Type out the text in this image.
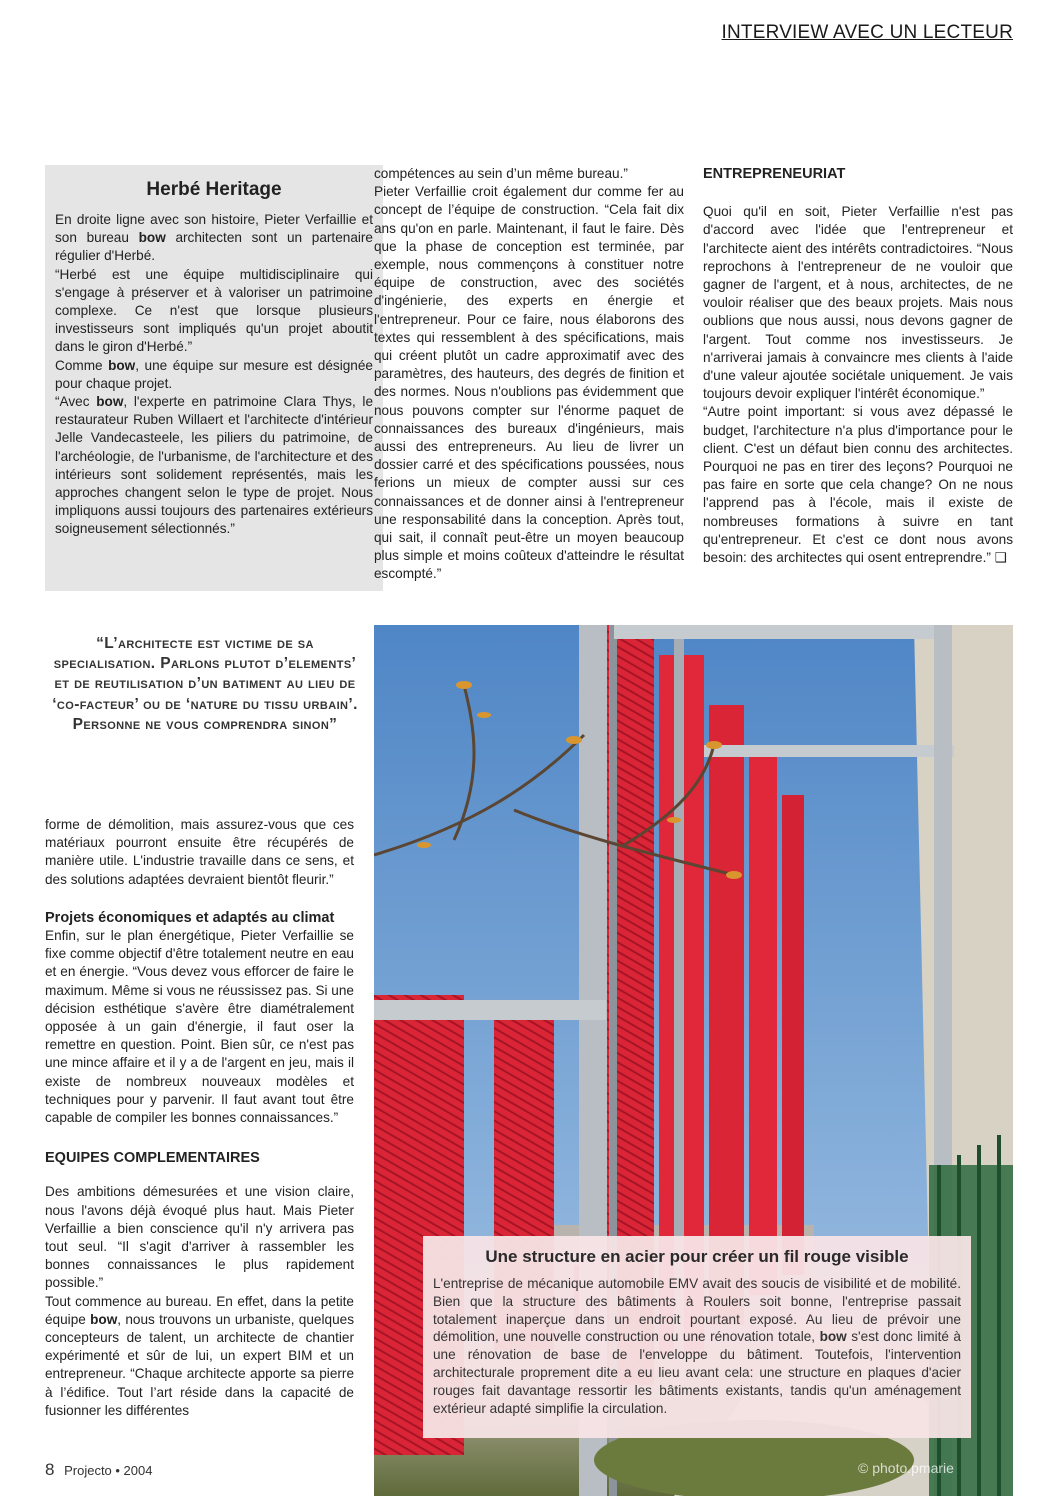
INTERVIEW AVEC UN LECTEUR
Herbé Heritage

En droite ligne avec son histoire, Pieter Verfaillie et son bureau bow architecten sont un partenaire régulier d'Herbé.

“Herbé est une équipe multidisciplinaire qui s'engage à préserver et à valoriser un patrimoine complexe. Ce n'est que lorsque plusieurs investisseurs sont impliqués qu'un projet aboutit dans le giron d'Herbé.”

Comme bow, une équipe sur mesure est désignée pour chaque projet.

“Avec bow, l'experte en patrimoine Clara Thys, le restaurateur Ruben Willaert et l'architecte d'intérieur Jelle Vandecasteele, les piliers du patrimoine, de l'archéologie, de l'urbanisme, de l'architecture et des intérieurs sont solidement représentés, mais les approches changent selon le type de projet. Nous impliquons aussi toujours des partenaires extérieurs soigneusement sélectionnés.”

compétences au sein d’un même bureau.”

Pieter Verfaillie croit également dur comme fer au concept de l’équipe de construction. “Cela fait dix ans qu'on en parle. Maintenant, il faut le faire. Dès que la phase de conception est terminée, par exemple, nous commençons à constituer notre équipe de construction, avec des sociétés d'ingénierie, des experts en énergie et l'entrepreneur. Pour ce faire, nous élaborons des textes qui ressemblent à des spécifications, mais qui créent plutôt un cadre approximatif avec des paramètres, des hauteurs, des degrés de finition et des normes. Nous n'oublions pas évidemment que nous pouvons compter sur l'énorme paquet de connaissances des bureaux d'ingénieurs, mais aussi des entrepreneurs. Au lieu de livrer un dossier carré et des spécifications poussées, nous ferions un mieux de compter aussi sur ces connaissances et de donner ainsi à l'entrepreneur une responsabilité dans la conception. Après tout, qui sait, il connaît peut-être un moyen beaucoup plus simple et moins coûteux d'atteindre le résultat escompté.”

ENTREPRENEURIAT

Quoi qu'il en soit, Pieter Verfaillie n'est pas d'accord avec l'idée que l'entrepreneur et l'architecte aient des intérêts contradictoires. “Nous reprochons à l'entrepreneur de ne vouloir que gagner de l'argent, et à nous, architectes, de ne vouloir réaliser que des beaux projets. Mais nous oublions que nous aussi, nous devons gagner de l'argent. Tout comme nos investisseurs. Je n'arriverai jamais à convaincre mes clients à l'aide d'une valeur ajoutée sociétale uniquement. Je vais toujours devoir expliquer l'intérêt économique.”

“Autre point important: si vous avez dépassé le budget, l'architecture n'a plus d'importance pour le client. C'est un défaut bien connu des architectes. Pourquoi ne pas en tirer des leçons? Pourquoi ne pas faire en sorte que cela change? On ne nous l'apprend pas à l'école, mais il existe de nombreuses formations à suivre en tant qu'entrepreneur. Et c'est ce dont nous avons besoin: des architectes qui osent entreprendre.” ❑

“L’architecte est victime de sa specialisation. Parlons plutot d’elements’ et de reutilisation d’un batiment au lieu de ‘co-facteur’ ou de ‘nature du tissu urbain’. Personne ne vous comprendra sinon”

forme de démolition, mais assurez-vous que ces matériaux pourront ensuite être récupérés de manière utile. L'industrie travaille dans ce sens, et des solutions adaptées devraient bientôt fleurir.”

Projets économiques et adaptés au climat

Enfin, sur le plan énergétique, Pieter Verfaillie se fixe comme objectif d'être totalement neutre en eau et en énergie. “Vous devez vous efforcer de faire le maximum. Même si vous ne réussissez pas. Si une décision esthétique s'avère être diamétralement opposée à un gain d'énergie, il faut oser la remettre en question. Point. Bien sûr, ce n'est pas une mince affaire et il y a de l'argent en jeu, mais il existe de nombreux nouveaux modèles et techniques pour y parvenir. Il faut avant tout être capable de compiler les bonnes connaissances.”

EQUIPES COMPLEMENTAIRES

Des ambitions démesurées et une vision claire, nous l'avons déjà évoqué plus haut. Mais Pieter Verfaillie a bien conscience qu'il n'y arrivera pas tout seul. “Il s'agit d'arriver à rassembler les bonnes connaissances le plus rapidement possible.”

Tout commence au bureau. En effet, dans la petite équipe bow, nous trouvons un urbaniste, quelques concepteurs de talent, un architecte de chantier expérimenté et sûr de lui, un expert BIM et un entrepreneur. “Chaque architecte apporte sa pierre à l’édifice. Tout l’art réside dans la capacité de fusionner les différentes

Une structure en acier pour créer un fil rouge visible

L'entreprise de mécanique automobile EMV avait des soucis de visibilité et de mobilité. Bien que la structure des bâtiments à Roulers soit bonne, l'entreprise passait totalement inaperçue dans un endroit pourtant exposé. Au lieu de prévoir une démolition, une nouvelle construction ou une rénovation totale, bow s'est donc limité à une rénovation de base de l'enveloppe du bâtiment. Toutefois, l'intervention architecturale proprement dite a eu lieu avant cela: une structure en plaques d'acier rouges fait davantage ressortir les bâtiments existants, tandis qu'un aménagement extérieur adapté simplifie la circulation.

© photo.pmarie
8 Projecto • 2004
